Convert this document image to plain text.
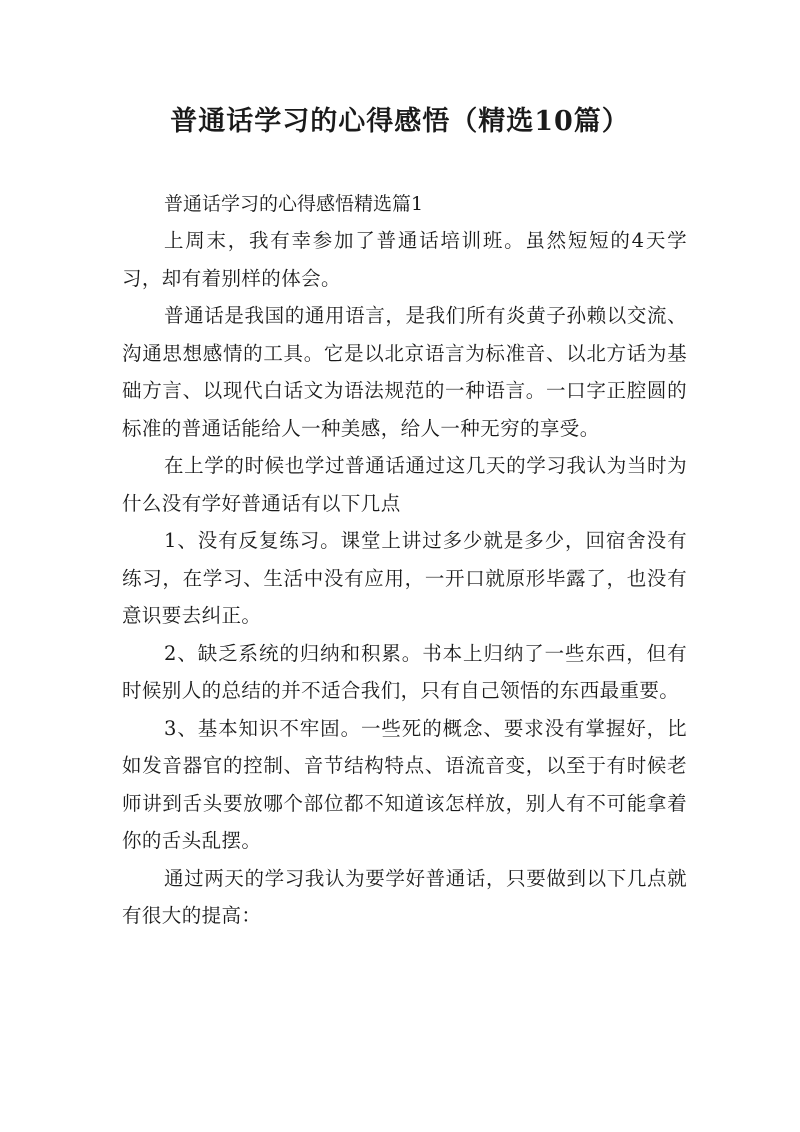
普通话学习的心得感悟（精选10篇）

普通话学习的心得感悟精选篇1

上周末，我有幸参加了普通话培训班。虽然短短的4天学习，却有着别样的体会。

普通话是我国的通用语言，是我们所有炎黄子孙赖以交流、沟通思想感情的工具。它是以北京语言为标准音、以北方话为基础方言、以现代白话文为语法规范的一种语言。一口字正腔圆的标准的普通话能给人一种美感，给人一种无穷的享受。

在上学的时候也学过普通话通过这几天的学习我认为当时为什么没有学好普通话有以下几点

1、没有反复练习。课堂上讲过多少就是多少，回宿舍没有练习，在学习、生活中没有应用，一开口就原形毕露了，也没有意识要去纠正。

2、缺乏系统的归纳和积累。书本上归纳了一些东西，但有时候别人的总结的并不适合我们，只有自己领悟的东西最重要。

3、基本知识不牢固。一些死的概念、要求没有掌握好，比如发音器官的控制、音节结构特点、语流音变，以至于有时候老师讲到舌头要放哪个部位都不知道该怎样放，别人有不可能拿着你的舌头乱摆。

通过两天的学习我认为要学好普通话，只要做到以下几点就有很大的提高：
